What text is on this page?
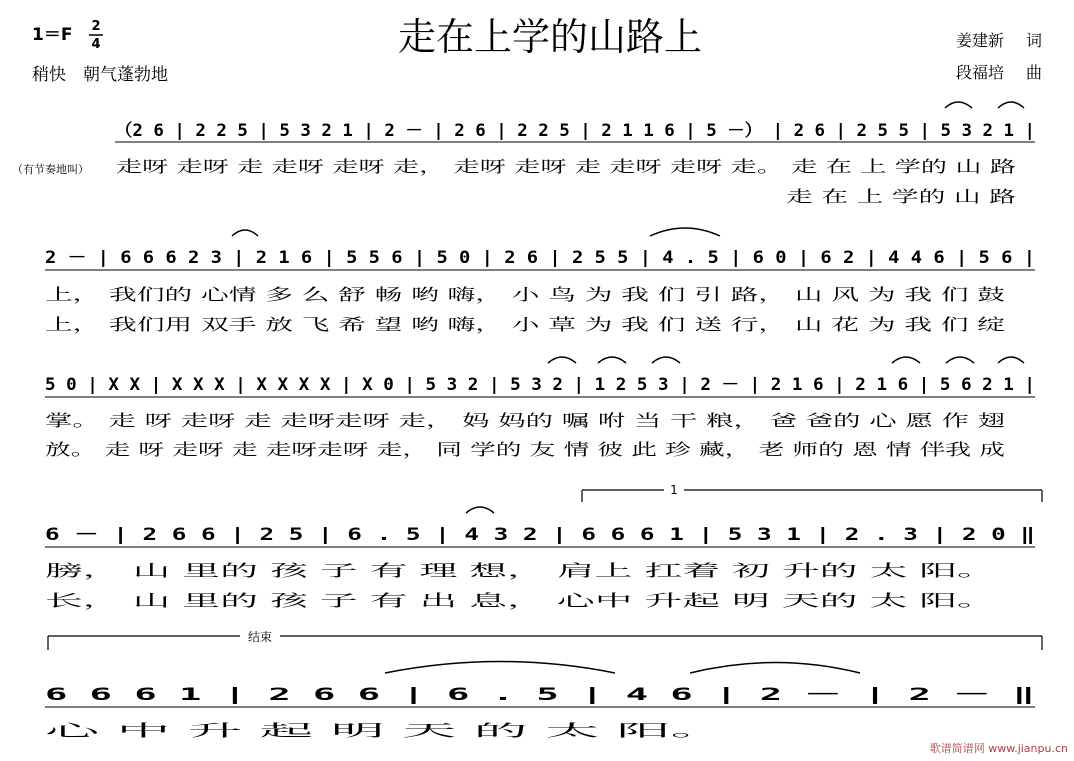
走在上学的山路上
1＝F 2
4
稍快　朝气蓬勃地
姜建新 词
段福培 曲
（2 6 | 2 2 5 | 5 3 2 1 | 2 － | 2 6 | 2 2 5 | 2 1 1 6 | 5 －） | 2 6 | 2 5 5 | 5 3 2 1 |
（有节奏地叫） 走呀 走呀 走 走呀 走呀 走， 走呀 走呀 走 走呀 走呀 走。 走 在 上 学的 山 路
走 在 上 学的 山 路
2 － | 6 6 6 2 3 | 2 1 6 | 5 5 6 | 5 0 | 2 6 | 2 5 5 | 4 . 5 | 6 0 | 6 2 | 4 4 6 | 5 6 |
上， 我们的 心情 多 么 舒 畅 哟 嗨， 小 鸟 为 我 们 引 路， 山 风 为 我 们 鼓
上， 我们用 双手 放 飞 希 望 哟 嗨， 小 草 为 我 们 送 行， 山 花 为 我 们 绽
5 0 | X X | X X X | X X X X | X 0 | 5 3 2 | 5 3 2 | 1 2 5 3 | 2 － | 2 1 6 | 2 1 6 | 5 6 2 1 |
掌。 走 呀 走呀 走 走呀走呀 走， 妈 妈的 嘱 咐 当 干 粮， 爸 爸的 心 愿 作 翅
放。 走 呀 走呀 走 走呀走呀 走， 同 学的 友 情 彼 此 珍 藏， 老 师的 恩 情 伴我 成
1
6 － | 2 6 6 | 2 5 | 6 . 5 | 4 3 2 | 6 6 6 1 | 5 3 1 | 2 . 3 | 2 0 ‖
膀， 山 里的 孩 子 有 理 想， 肩上 扛着 初 升的 太 阳。
长， 山 里的 孩 子 有 出 息， 心中 升起 明 天的 太 阳。
结束
6 6 6 1 | 2 6 6 | 6 . 5 | 4 6 | 2 － | 2 － ‖
心 中 升 起 明 天 的 太 阳。
歌谱简谱网 www.jianpu.cn
